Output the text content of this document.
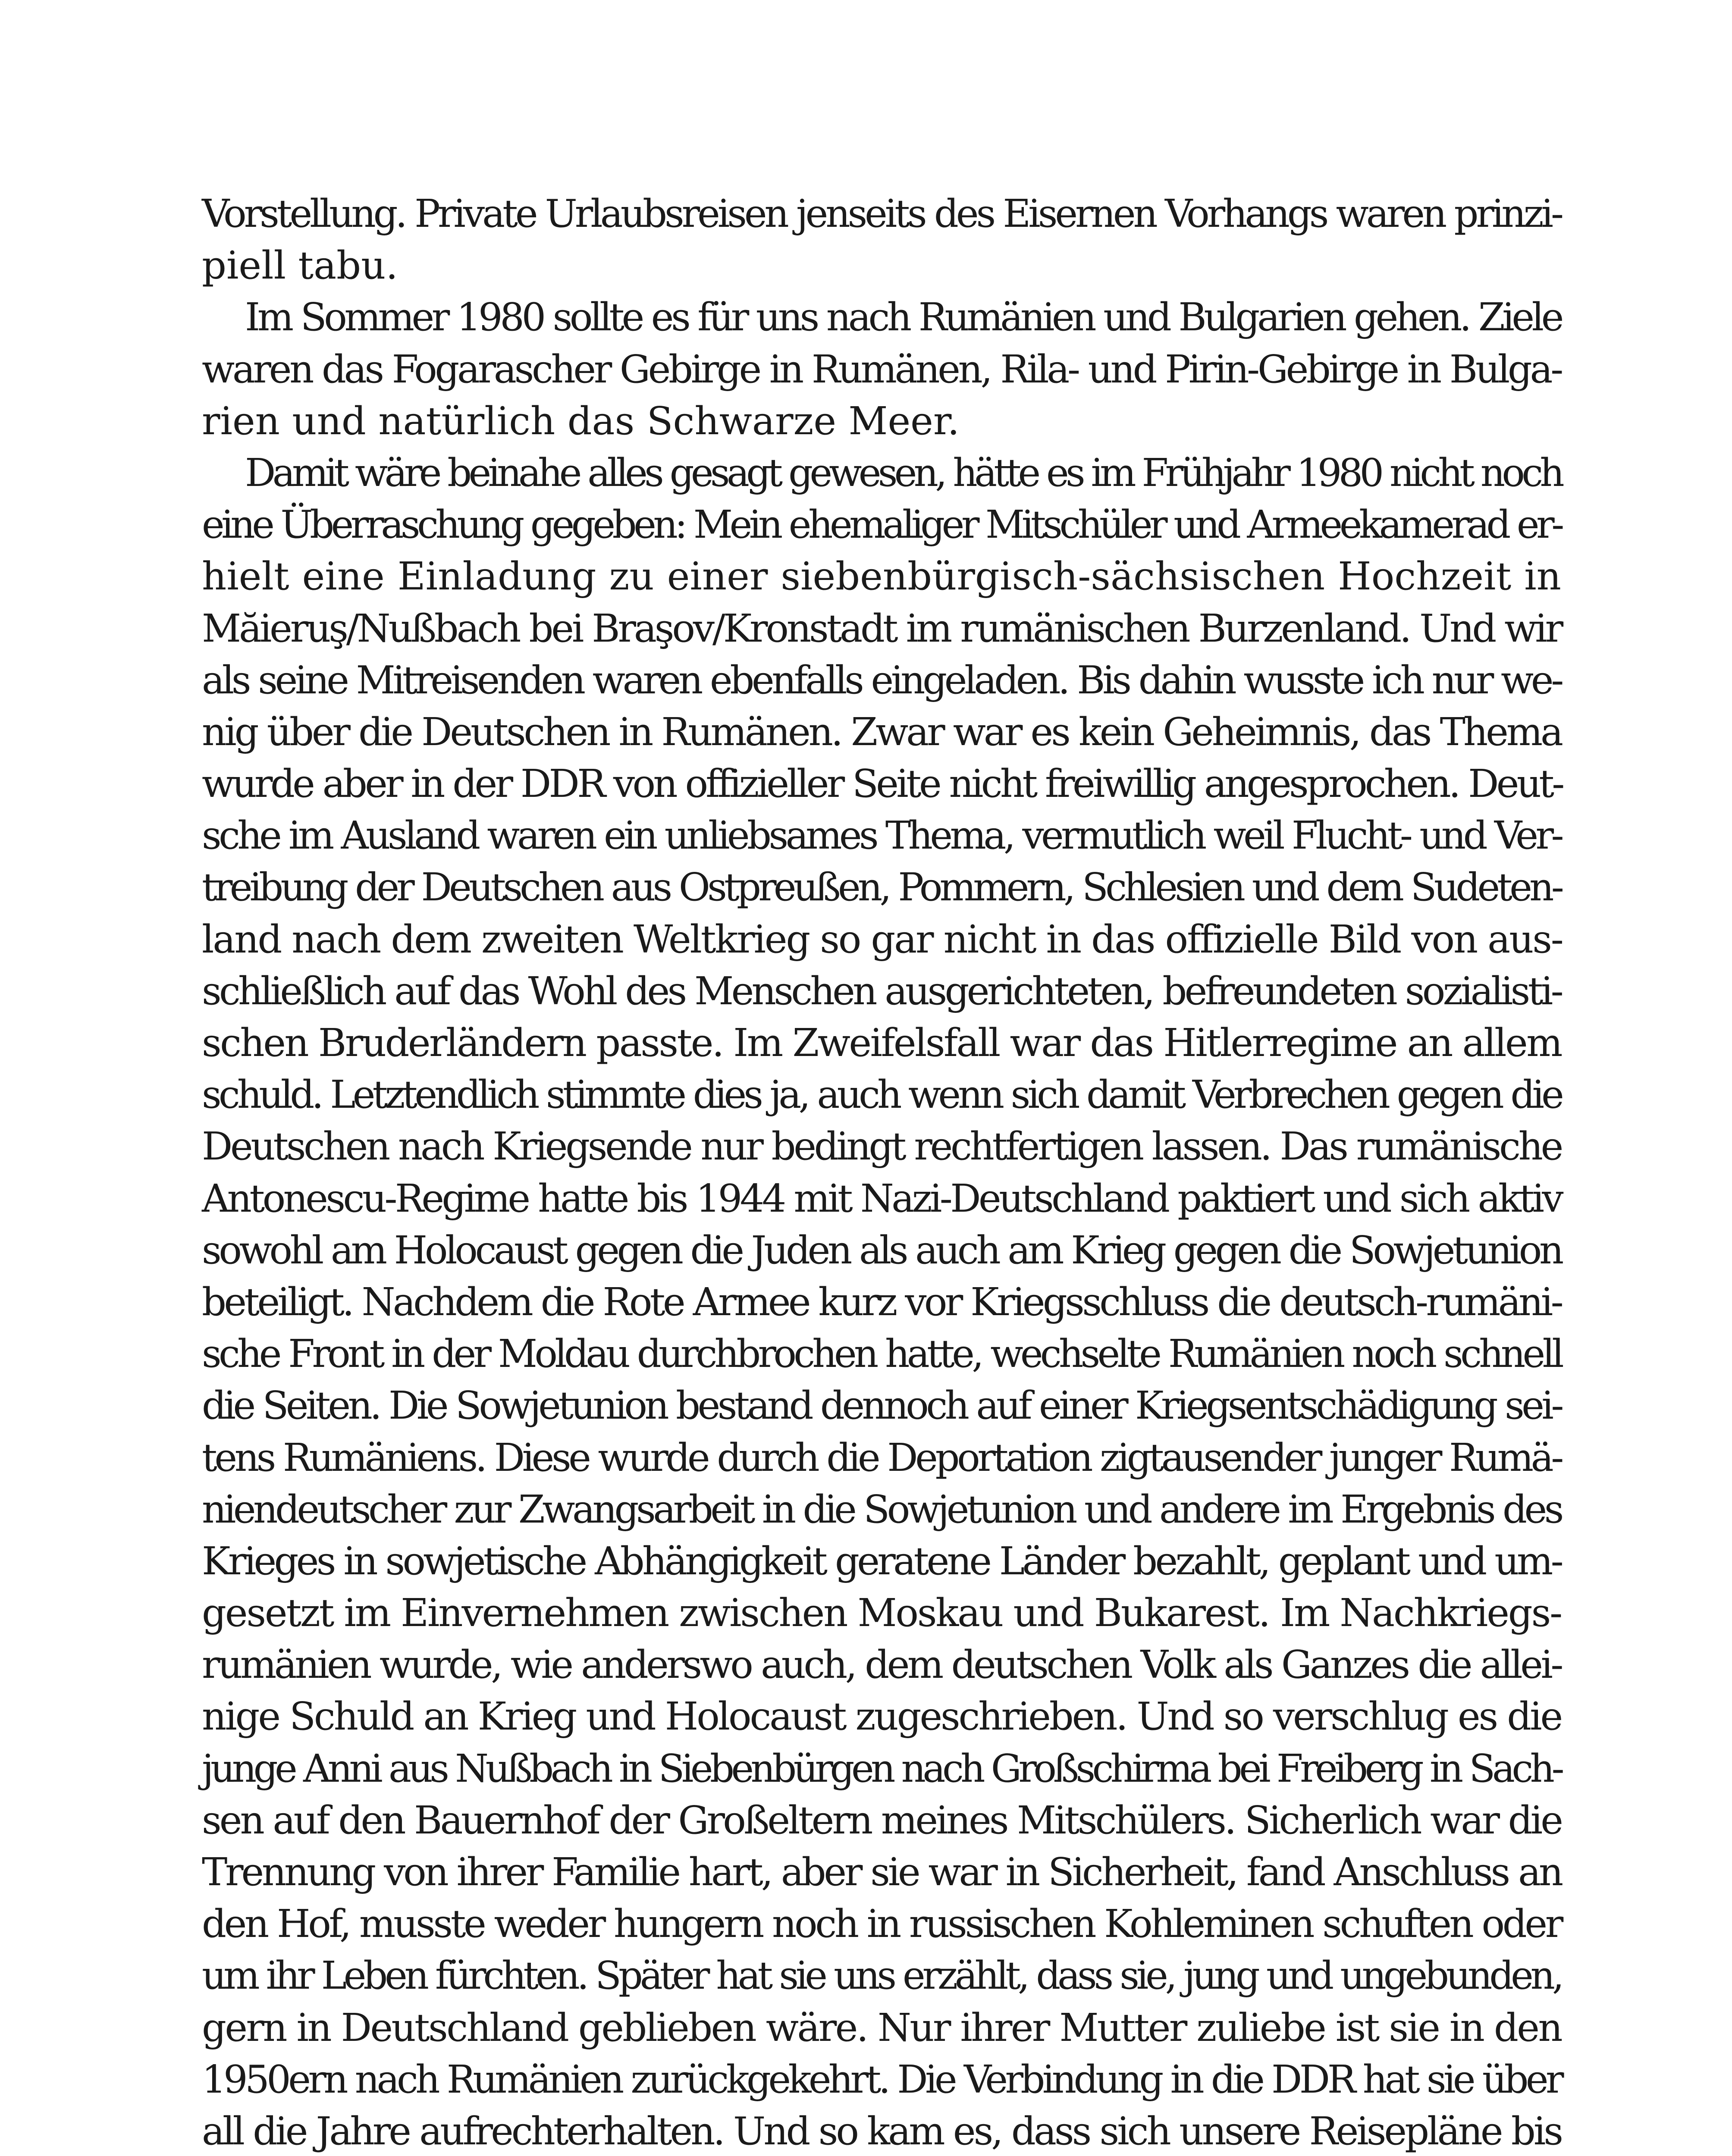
Vorstellung. Private Urlaubsreisen jenseits des Eisernen Vorhangs waren prinzi-
piell tabu.
Im Sommer 1980 sollte es für uns nach Rumänien und Bulgarien gehen. Ziele
waren das Fogarascher Gebirge in Rumänen, Rila- und Pirin-Gebirge in Bulga-
rien und natürlich das Schwarze Meer.
Damit wäre beinahe alles gesagt gewesen, hätte es im Frühjahr 1980 nicht noch
eine Überraschung gegeben: Mein ehemaliger Mitschüler und Armeekamerad er-
hielt eine Einladung zu einer siebenbürgisch-sächsischen Hochzeit in
Măieruş/Nußbach bei Braşov/Kronstadt im rumänischen Burzenland. Und wir
als seine Mitreisenden waren ebenfalls eingeladen. Bis dahin wusste ich nur we-
nig über die Deutschen in Rumänen. Zwar war es kein Geheimnis, das Thema
wurde aber in der DDR von offizieller Seite nicht freiwillig angesprochen. Deut-
sche im Ausland waren ein unliebsames Thema, vermutlich weil Flucht- und Ver-
treibung der Deutschen aus Ostpreußen, Pommern, Schlesien und dem Sudeten-
land nach dem zweiten Weltkrieg so gar nicht in das offizielle Bild von aus-
schließlich auf das Wohl des Menschen ausgerichteten, befreundeten sozialisti-
schen Bruderländern passte. Im Zweifelsfall war das Hitlerregime an allem
schuld. Letztendlich stimmte dies ja, auch wenn sich damit Verbrechen gegen die
Deutschen nach Kriegsende nur bedingt rechtfertigen lassen. Das rumänische
Antonescu-Regime hatte bis 1944 mit Nazi-Deutschland paktiert und sich aktiv
sowohl am Holocaust gegen die Juden als auch am Krieg gegen die Sowjetunion
beteiligt. Nachdem die Rote Armee kurz vor Kriegsschluss die deutsch-rumäni-
sche Front in der Moldau durchbrochen hatte, wechselte Rumänien noch schnell
die Seiten. Die Sowjetunion bestand dennoch auf einer Kriegsentschädigung sei-
tens Rumäniens. Diese wurde durch die Deportation zigtausender junger Rumä-
niendeutscher zur Zwangsarbeit in die Sowjetunion und andere im Ergebnis des
Krieges in sowjetische Abhängigkeit geratene Länder bezahlt, geplant und um-
gesetzt im Einvernehmen zwischen Moskau und Bukarest. Im Nachkriegs-
rumänien wurde, wie anderswo auch, dem deutschen Volk als Ganzes die allei-
nige Schuld an Krieg und Holocaust zugeschrieben. Und so verschlug es die
junge Anni aus Nußbach in Siebenbürgen nach Großschirma bei Freiberg in Sach-
sen auf den Bauernhof der Großeltern meines Mitschülers. Sicherlich war die
Trennung von ihrer Familie hart, aber sie war in Sicherheit, fand Anschluss an
den Hof, musste weder hungern noch in russischen Kohleminen schuften oder
um ihr Leben fürchten. Später hat sie uns erzählt, dass sie, jung und ungebunden,
gern in Deutschland geblieben wäre. Nur ihrer Mutter zuliebe ist sie in den
1950ern nach Rumänien zurückgekehrt. Die Verbindung in die DDR hat sie über
all die Jahre aufrechterhalten. Und so kam es, dass sich unsere Reisepläne bis
